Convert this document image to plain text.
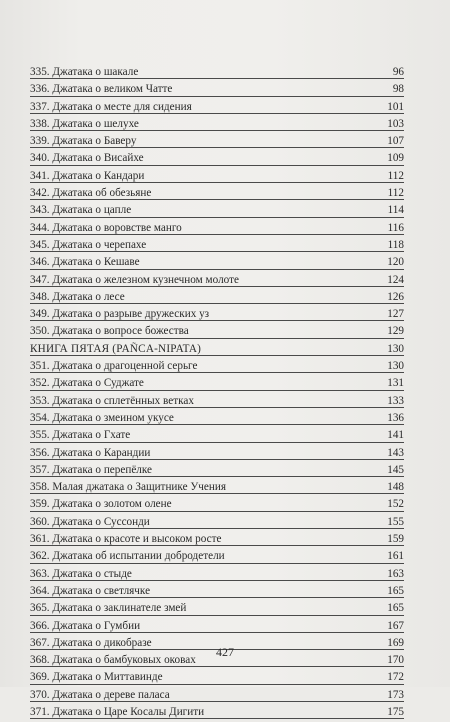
335. Джатака о шакале	96
336. Джатака о великом Чатте	98
337. Джатака о месте для сидения	101
338. Джатака о шелухе	103
339. Джатака о Баверу	107
340. Джатака о Висайхе	109
341. Джатака о Кандари	112
342. Джатака об обезьяне	112
343. Джатака о цапле	114
344. Джатака о воровстве манго	116
345. Джатака о черепахе	118
346. Джатака о Кешаве	120
347. Джатака о железном кузнечном молоте	124
348. Джатака о лесе	126
349. Джатака о разрыве дружеских уз	127
350. Джатака о вопросе божества	129
КНИГА ПЯТАЯ (PAÑCA-NIPATA)	130
351. Джатака о драгоценной серьге	130
352. Джатака о Суджате	131
353. Джатака о сплетённых ветках	133
354. Джатака о змеином укусе	136
355. Джатака о Гхате	141
356. Джатака о Карандии	143
357. Джатака о перепёлке	145
358. Малая джатака о Защитнике Учения	148
359. Джатака о золотом олене	152
360. Джатака о Суссонди	155
361. Джатака о красоте и высоком росте	159
362. Джатака об испытании добродетели	161
363. Джатака о стыде	163
364. Джатака о светлячке	165
365. Джатака о заклинателе змей	165
366. Джатака о Гумбии	167
367. Джатака о дикобразе	169
368. Джатака о бамбуковых оковах	170
369. Джатака о Миттавинде	172
370. Джатака о дереве паласа	173
371. Джатака о Царе Косалы Дигити	175
427
